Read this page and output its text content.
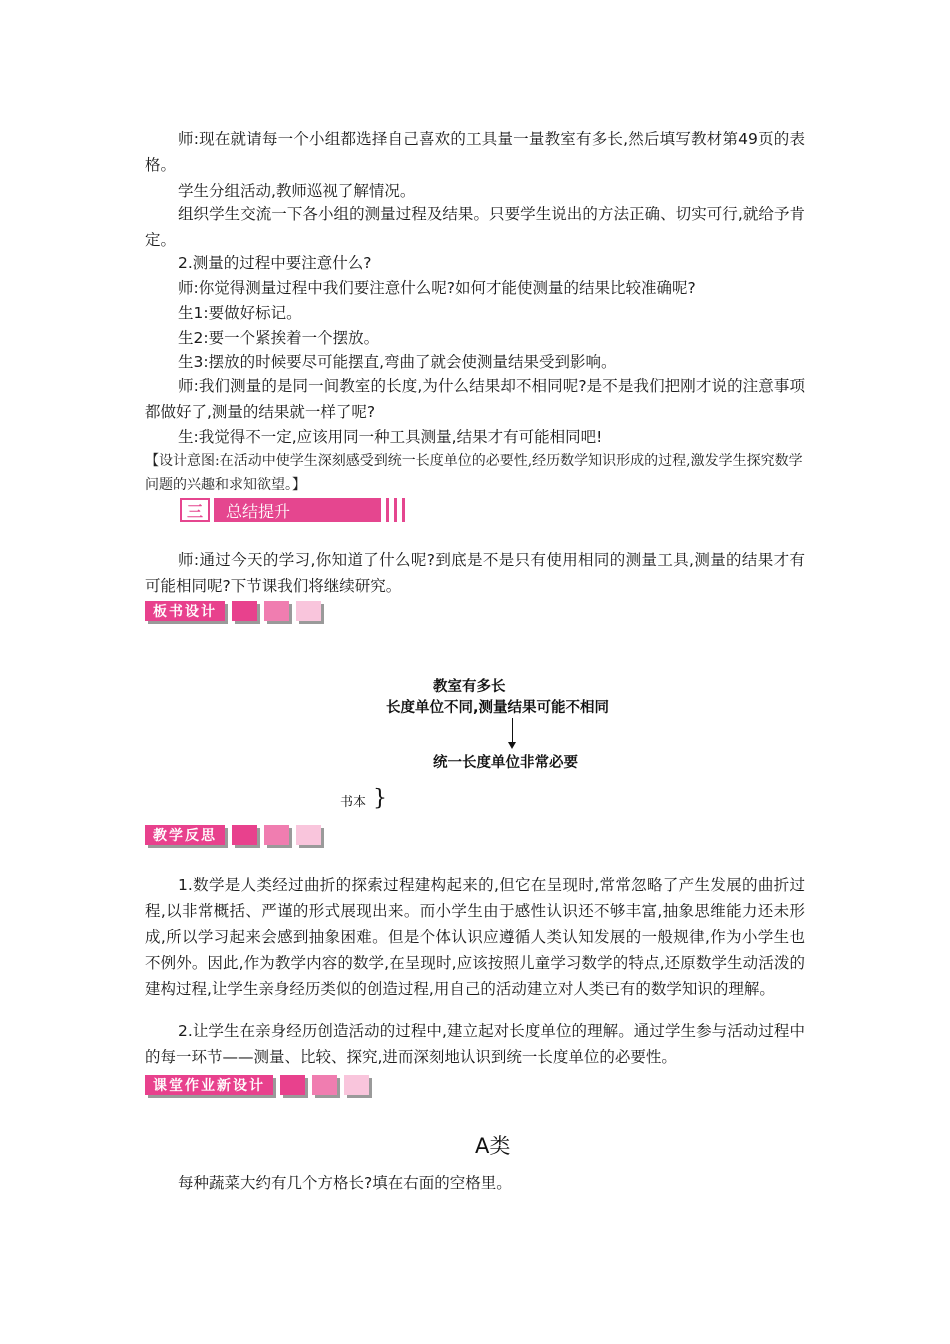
师:现在就请每一个小组都选择自己喜欢的工具量一量教室有多长,然后填写教材第49页的表格。

学生分组活动,教师巡视了解情况。

组织学生交流一下各小组的测量过程及结果。只要学生说出的方法正确、切实可行,就给予肯定。

2.测量的过程中要注意什么?

师:你觉得测量过程中我们要注意什么呢?如何才能使测量的结果比较准确呢?

生1:要做好标记。

生2:要一个紧挨着一个摆放。

生3:摆放的时候要尽可能摆直,弯曲了就会使测量结果受到影响。

师:我们测量的是同一间教室的长度,为什么结果却不相同呢?是不是我们把刚才说的注意事项都做好了,测量的结果就一样了呢?

生:我觉得不一定,应该用同一种工具测量,结果才有可能相同吧!

【设计意图:在活动中使学生深刻感受到统一长度单位的必要性,经历数学知识形成的过程,激发学生探究数学问题的兴趣和求知欲望。】

三	总结提升

师:通过今天的学习,你知道了什么呢?到底是不是只有使用相同的测量工具,测量的结果才有可能相同呢?下节课我们将继续研究。

板书设计
教室有多长
长度单位不同,测量结果可能不相同
统一长度单位非常必要
书本 }
教学反思

1.数学是人类经过曲折的探索过程建构起来的,但它在呈现时,常常忽略了产生发展的曲折过程,以非常概括、严谨的形式展现出来。而小学生由于感性认识还不够丰富,抽象思维能力还未形成,所以学习起来会感到抽象困难。但是个体认识应遵循人类认知发展的一般规律,作为小学生也不例外。因此,作为教学内容的数学,在呈现时,应该按照儿童学习数学的特点,还原数学生动活泼的建构过程,让学生亲身经历类似的创造过程,用自己的活动建立对人类已有的数学知识的理解。

2.让学生在亲身经历创造活动的过程中,建立起对长度单位的理解。通过学生参与活动过程中的每一环节——测量、比较、探究,进而深刻地认识到统一长度单位的必要性。

课堂作业新设计
A类

每种蔬菜大约有几个方格长?填在右面的空格里。
